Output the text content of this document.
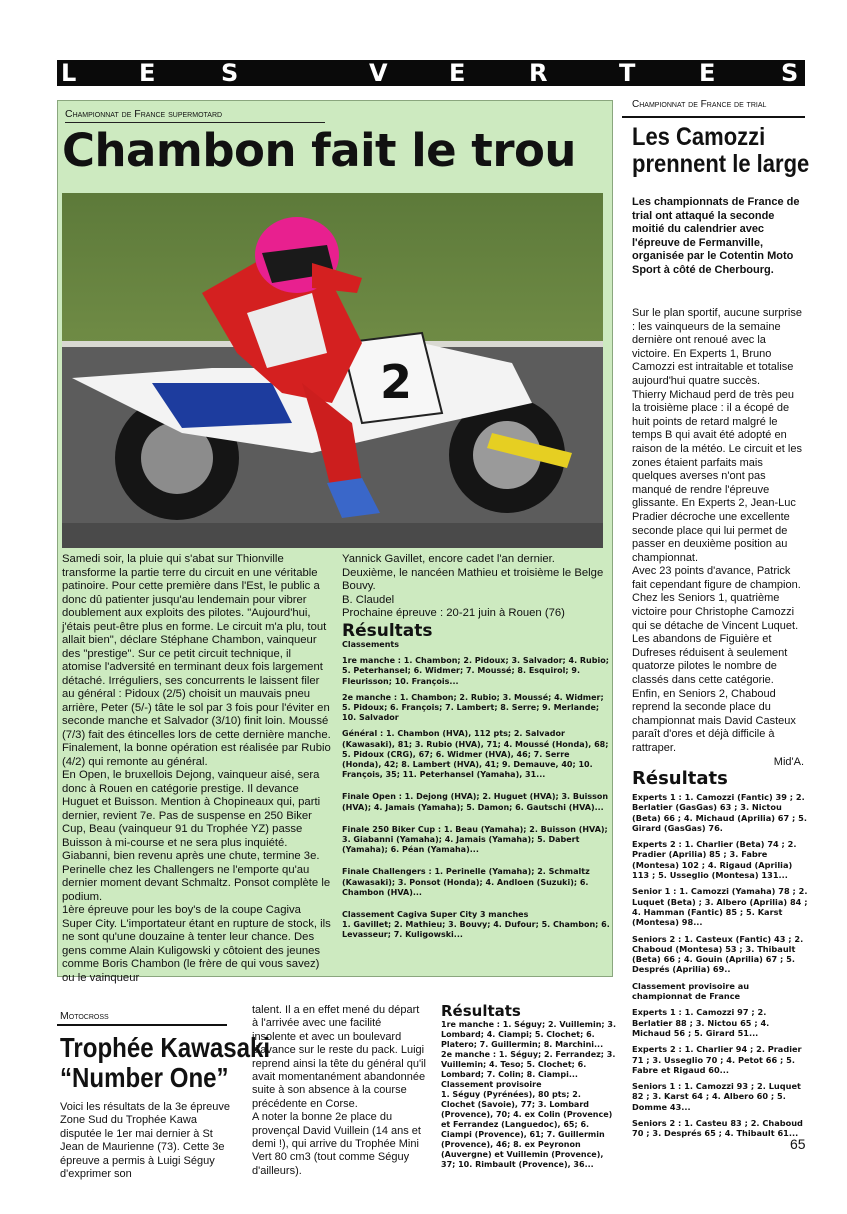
L	E	S	V	E	R	T	E	S
Championnat de France supermotard
Chambon fait le trou
2
Samedi soir, la pluie qui s'abat sur Thionville transforme la partie terre du circuit en une véritable patinoire. Pour cette première dans l'Est, le public a donc dû patienter jusqu'au lendemain pour vibrer doublement aux exploits des pilotes. "Aujourd'hui, j'étais peut-être plus en forme. Le circuit m'a plu, tout allait bien", déclare Stéphane Chambon, vainqueur des "prestige". Sur ce petit circuit technique, il atomise l'adversité en terminant deux fois largement détaché. Irréguliers, ses concurrents le laissent filer au général : Pidoux (2/5) choisit un mauvais pneu arrière, Peter (5/-) tâte le sol par 3 fois pour l'éviter en seconde manche et Salvador (3/10) finit loin. Moussé (7/3) fait des étincelles lors de cette dernière manche. Finalement, la bonne opération est réalisée par Rubio (4/2) qui remonte au général.
En Open, le bruxellois Dejong, vainqueur aisé, sera donc à Rouen en catégorie prestige. Il devance Huguet et Buisson. Mention à Chopineaux qui, parti dernier, revient 7e. Pas de suspense en 250 Biker Cup, Beau (vainqueur 91 du Trophée YZ) passe Buisson à mi-course et ne sera plus inquiété. Giabanni, bien revenu après une chute, termine 3e. Perinelle chez les Challengers ne l'emporte qu'au dernier moment devant Schmaltz. Ponsot complète le podium.
1ère épreuve pour les boy's de la coupe Cagiva Super City. L'importateur étant en rupture de stock, ils ne sont qu'une douzaine à tenter leur chance. Des gens comme Alain Kuligowski y côtoient des jeunes comme Boris Chambon (le frère de qui vous savez) ou le vainqueur
Yannick Gavillet, encore cadet l'an dernier. Deuxième, le nancéen Mathieu et troisième le Belge Bouvy.
B. Claudel
Prochaine épreuve : 20-21 juin à Rouen (76)
Résultats
Classements
1re manche : 1. Chambon; 2. Pidoux; 3. Salvador; 4. Rubio; 5. Peterhansel; 6. Widmer; 7. Moussé; 8. Esquirol; 9. Fleurisson; 10. François...
2e manche : 1. Chambon; 2. Rubio; 3. Moussé; 4. Widmer; 5. Pidoux; 6. François; 7. Lambert; 8. Serre; 9. Merlande; 10. Salvador
Général : 1. Chambon (HVA), 112 pts; 2. Salvador (Kawasaki), 81; 3. Rubio (HVA), 71; 4. Moussé (Honda), 68; 5. Pidoux (CRG), 67; 6. Widmer (HVA), 46; 7. Serre (Honda), 42; 8. Lambert (HVA), 41; 9. Demauve, 40; 10. François, 35; 11. Peterhansel (Yamaha), 31...
Finale Open : 1. Dejong (HVA); 2. Huguet (HVA); 3. Buisson (HVA); 4. Jamais (Yamaha); 5. Damon; 6. Gautschi (HVA)...
Finale 250 Biker Cup : 1. Beau (Yamaha); 2. Buisson (HVA); 3. Giabanni (Yamaha); 4. Jamais (Yamaha); 5. Dabert (Yamaha); 6. Péan (Yamaha)...
Finale Challengers : 1. Perinelle (Yamaha); 2. Schmaltz (Kawasaki); 3. Ponsot (Honda); 4. Andloen (Suzuki); 6. Chambon (HVA)...
Classement Cagiva Super City 3 manches
1. Gavillet; 2. Mathieu; 3. Bouvy; 4. Dufour; 5. Chambon; 6. Levasseur; 7. Kuligowski...
Championnat de France de trial
Les Camozzi prennent le large
Les championnats de France de trial ont attaqué la seconde moitié du calendrier avec l'épreuve de Fermanville, organisée par le Cotentin Moto Sport à côté de Cherbourg.
Sur le plan sportif, aucune surprise : les vainqueurs de la semaine dernière ont renoué avec la victoire. En Experts 1, Bruno Camozzi est intraitable et totalise aujourd'hui quatre succès.
Thierry Michaud perd de très peu la troisième place : il a écopé de huit points de retard malgré le temps B qui avait été adopté en raison de la météo. Le circuit et les zones étaient parfaits mais quelques averses n'ont pas manqué de rendre l'épreuve glissante. En Experts 2, Jean-Luc Pradier décroche une excellente seconde place qui lui permet de passer en deuxième position au championnat.
Avec 23 points d'avance, Patrick fait cependant figure de champion. Chez les Seniors 1, quatrième victoire pour Christophe Camozzi qui se détache de Vincent Luquet. Les abandons de Figuière et Dufreses réduisent à seulement quatorze pilotes le nombre de classés dans cette catégorie.
Enfin, en Seniors 2, Chaboud reprend la seconde place du championnat mais David Casteux paraît d'ores et déjà difficile à rattraper.
Mid'A.
Résultats
Experts 1 : 1. Camozzi (Fantic) 39 ; 2. Berlatier (GasGas) 63 ; 3. Nictou (Beta) 66 ; 4. Michaud (Aprilia) 67 ; 5. Girard (GasGas) 76.
Experts 2 : 1. Charlier (Beta) 74 ; 2. Pradier (Aprilia) 85 ; 3. Fabre (Montesa) 102 ; 4. Rigaud (Aprilia) 113 ; 5. Usseglio (Montesa) 131...
Senior 1 : 1. Camozzi (Yamaha) 78 ; 2. Luquet (Beta) ; 3. Albero (Aprilia) 84 ; 4. Hamman (Fantic) 85 ; 5. Karst (Montesa) 98...
Seniors 2 : 1. Casteux (Fantic) 43 ; 2. Chaboud (Montesa) 53 ; 3. Thibault (Beta) 66 ; 4. Gouin (Aprilia) 67 ; 5. Després (Aprilia) 69..
Classement provisoire au championnat de France
Experts 1 : 1. Camozzi 97 ; 2. Berlatier 88 ; 3. Nictou 65 ; 4. Michaud 56 ; 5. Girard 51...
Experts 2 : 1. Charlier 94 ; 2. Pradier 71 ; 3. Usseglio 70 ; 4. Petot 66 ; 5. Fabre et Rigaud 60...
Seniors 1 : 1. Camozzi 93 ; 2. Luquet 82 ; 3. Karst 64 ; 4. Albero 60 ; 5. Domme 43...
Seniors 2 : 1. Casteu 83 ; 2. Chaboud 70 ; 3. Després 65 ; 4. Thibault 61...
Motocross
Trophée Kawasaki “Number One”
Voici les résultats de la 3e épreuve Zone Sud du Trophée Kawa disputée le 1er mai dernier à St Jean de Maurienne (73). Cette 3e épreuve a permis à Luigi Séguy d'exprimer son
talent. Il a en effet mené du départ à l'arrivée avec une facilité insolente et avec un boulevard d'avance sur le reste du pack. Luigi reprend ainsi la tête du général qu'il avait momentanément abandonnée suite à son absence à la course précédente en Corse.
A noter la bonne 2e place du provençal David Vuillein (14 ans et demi !), qui arrive du Trophée Mini Vert 80 cm3 (tout comme Séguy d'ailleurs).
Résultats
1re manche : 1. Séguy; 2. Vuillemin; 3. Lombard; 4. Ciampi; 5. Clochet; 6. Platero; 7. Guillermin; 8. Marchini...
2e manche : 1. Séguy; 2. Ferrandez; 3. Vuillemin; 4. Teso; 5. Clochet; 6. Lombard; 7. Colin; 8. Ciampi...
Classement provisoire
1. Séguy (Pyrénées), 80 pts; 2. Clochet (Savoie), 77; 3. Lombard (Provence), 70; 4. ex Colin (Provence) et Ferrandez (Languedoc), 65; 6. Ciampi (Provence), 61; 7. Guillermin (Provence), 46; 8. ex Peyronon (Auvergne) et Vuillemin (Provence), 37; 10. Rimbault (Provence), 36...
65
